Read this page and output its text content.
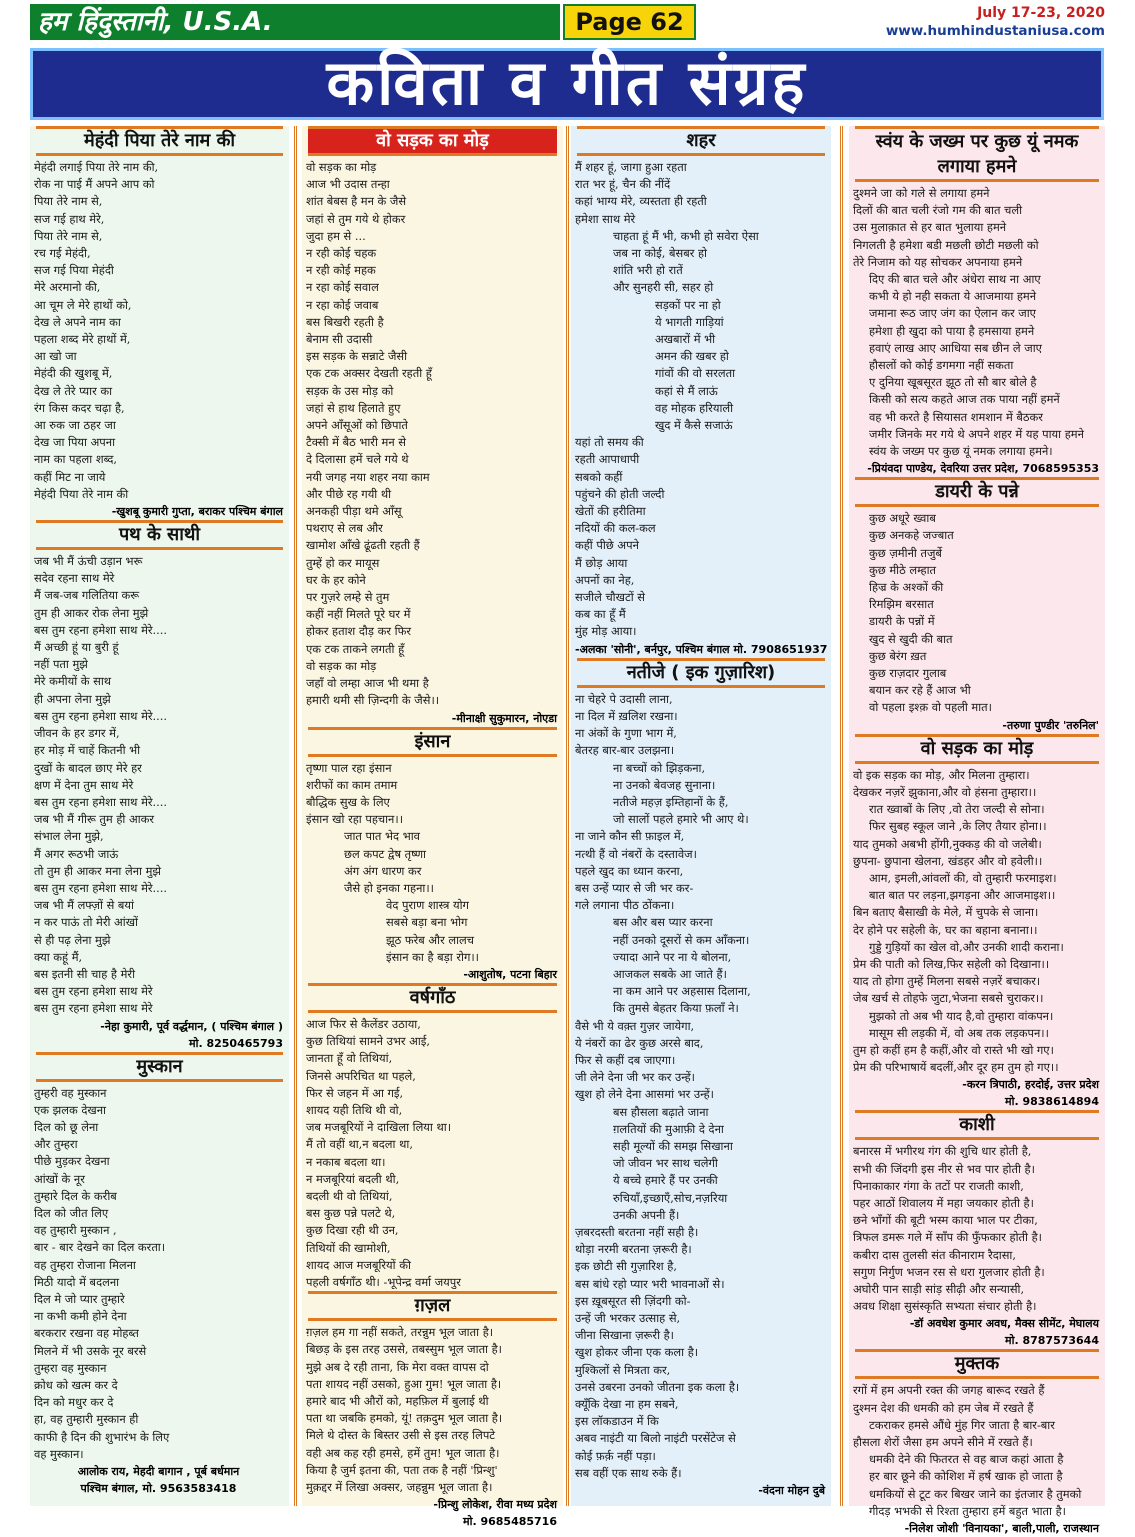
हम हिंदुस्तानी, U.S.A.	Page 62	July 17-23, 2020
www.humhindustaniusa.com
कविता व गीत संग्रह
मेहंदी पिया तेरे नाम की
मेहंदी लगाई पिया तेरे नाम की,
रोक ना पाई मैं अपने आप को
पिया तेरे नाम से,
सज गई हाथ मेरे,
पिया तेरे नाम से,
रच गई मेहंदी,
सज गई पिया मेहंदी
मेरे अरमानो की,
आ चूम ले मेरे हाथों को,
देख ले अपने नाम का
पहला शब्द मेरे हाथों में,
आ खो जा
मेहंदी की खुशबू में,
देख ले तेरे प्यार का
रंग किस कदर चढ़ा है,
आ रुक जा ठहर जा
देख जा पिया अपना
नाम का पहला शब्द,
कहीं मिट ना जाये
मेहंदी पिया तेरे नाम की
-खुशबू कुमारी गुप्ता, बराकर पश्चिम बंगाल
पथ के साथी
जब भी मैं ऊंची उड़ान भरू
सदेव रहना साथ मेरे
मैं जब-जब गलितिया करू
तुम ही आकर रोक लेना मुझे
बस तुम रहना हमेशा साथ मेरे....
मैं अच्छी हूं या बुरी हूं
नहीं पता मुझे
मेरे कमीयों के साथ
ही अपना लेना मुझे
बस तुम रहना हमेशा साथ मेरे....
जीवन के हर डगर में,
हर मोड़ में चाहें कितनी भी
दुखों के बादल छाए मेरे हर
क्षण में देना तुम साथ मेरे
बस तुम रहना हमेशा साथ मेरे....
जब भी मैं गीरू तुम ही आकर
संभाल लेना मुझे,
मैं अगर रूठभी जाऊं
तो तुम ही आकर मना लेना मुझे
बस तुम रहना हमेशा साथ मेरे....
जब भी मैं लफ्ज़ों से बयां
न कर पाऊं तो मेरी आंखों
से ही पढ़ लेना मुझे
क्या कहूं मैं,
बस इतनी सी चाह है मेरी
बस तुम रहना हमेशा साथ मेरे
बस तुम रहना हमेशा साथ मेरे
-नेहा कुमारी, पूर्व वर्द्धमान, ( पश्चिम बंगाल )
मो. 8250465793
मुस्कान
तुम्हरी वह मुस्कान
एक झलक देखना
दिल को छू लेना
और तुम्हरा
पीछे मुड़कर देखना
आंखों के नूर
तुम्हारे दिल के करीब
दिल को जीत लिए
वह तुम्हारी मुस्कान ,
बार - बार देखने का दिल करता।
वह तुम्हरा रोजाना मिलना
मिठी यादो में बदलना
दिल मे जो प्यार तुम्हारे
ना कभी कमी होने देना
बरकरार रखना वह मोहब्त
मिलने में भी उसके नूर बरसे
तुम्हरा वह मुस्कान
क्रोध को खत्म कर दे
दिन को मधुर कर दे
हा, वह तुम्हारी मुस्कान ही
काफी है दिन की शुभारंभ के लिए
वह मुस्कान।
आलोक राय, मेहदी बागान , पूर्ब बर्धमान
पश्चिम बंगाल, मो. 9563583418
वो सड़क का मोड़
वो सड़क का मोड़
आज भी उदास तन्हा
शांत बेबस है मन के जैसे
जहां से तुम गये थे होकर
जुदा हम से ...
न रही कोई चहक
न रही कोई महक
न रहा कोई सवाल
न रहा कोई जवाब
बस बिखरी रहती है
बेनाम सी उदासी
इस सड़क के सन्नाटे जैसी
एक टक अक्सर देखती रहती हूँ
सड़क के उस मोड़ को
जहां से हाथ हिलाते हुए
अपने आँसूओं को छिपाते
टैक्सी में बैठ भारी मन से
दे दिलासा हमें चले गये थे
नयी जगह नया शहर नया काम
और पीछे रह गयी थी
अनकही पीड़ा थमे आँसू
पथराए से लब और
खामोश आँखे ढूंढती रहती हैं
तुम्हें हो कर मायूस
घर के हर कोने
पर गुज़रे लम्हे से तुम
कहीं नहीं मिलते पूरे घर में
होकर हताश दौड़ कर फिर
एक टक ताकने लगती हूँ
वो सड़क का मोड़
जहाँ वो लम्हा आज भी थमा है
हमारी थमी सी ज़िन्दगी के जैसे।।
-मीनाक्षी सुकुमारन, नोएडा
इंसान
तृष्णा पाल रहा इंसान
शरीफों का काम तमाम
बौद्धिक सुख के लिए
इंसान खो रहा पहचान।।
जात पात भेद भाव
छल कपट द्वेष तृष्णा
अंग अंग धारण कर
जैसे हो इनका गहना।।
वेद पुराण शास्त्र योग
सबसे बड़ा बना भोग
झूठ फरेब और लालच
इंसान का है बड़ा रोग।।
-आशुतोष, पटना बिहार
वर्षगाँठ
आज फिर से कैलेंडर उठाया,
कुछ तिथियां सामने उभर आई,
जानता हूँ वो तिथियां,
जिनसे अपरिचित था पहले,
फिर से जहन में आ गई,
शायद यही तिथि थी वो,
जब मजबूरियों ने दाखिला लिया था।
मैं तो वहीं था,न बदला था,
न नकाब बदला था।
न मजबूरियां बदली थी,
बदली थी वो तिथियां,
बस कुछ पन्ने पलटे थे,
कुछ दिखा रही थी उन,
तिथियों की खामोशी,
शायद आज मजबूरियों की
पहली वर्षगाँठ थी। -भूपेन्द्र वर्मा जयपुर
ग़ज़ल
ग़ज़ल हम गा नहीं सकते, तरन्नुम भूल जाता है।
बिछड़ के इस तरह उससे, तबस्सुम भूल जाता है।
मुझे अब दे रही ताना, कि मेरा वक्त वापस दो
पता शायद नहीं उसको, हुआ गुम! भूल जाता है।
हमारे बाद भी औरों को, महफ़िल में बुलाई थी
पता था जबकि हमको, यूं! तक़दुम भूल जाता है।
मिले थे दोस्त के बिस्तर उसी से इस तरह लिपटे
वही अब कह रही हमसे, हमें तुम! भूल जाता है।
किया है जुर्म इतना की, पता तक है नहीं 'प्रिन्शु'
मुक़द्दर में लिखा अक्सर, जहन्नुम भूल जाता है।
-प्रिन्शु लोकेश, रीवा मध्य प्रदेश
मो. 9685485716
शहर
मैं शहर हूं, जागा हुआ रहता
रात भर हूं, चैन की नींदें
कहां भाग्य मेरे, व्यस्तता ही रहती
हमेशा साथ मेरे
चाहता हूं मैं भी, कभी हो सवेरा ऐसा
जब ना कोई, बेसबर हो
शांति भरी हो रातें
और सुनहरी सी, सहर हो
सड़कों पर ना हो
ये भागती गाड़ियां
अखबारों में भी
अमन की खबर हो
गांवों की वो सरलता
कहां से मैं लाऊं
वह मोहक हरियाली
खुद में कैसे सजाऊं
यहां तो समय की
रहती आपाधापी
सबको कहीं
पहुंचने की होती जल्दी
खेतों की हरीतिमा
नदियों की कल-कल
कहीं पीछे अपने
मैं छोड़ आया
अपनों का नेह,
सजीले चौखटों से
कब का हूँ मैं
मुंह मोड़ आया।
-अलका 'सोनी', बर्नपुर, पश्चिम बंगाल मो. 7908651937
नतीजे ( इक गुज़ारिश)
ना चेहरे पे उदासी लाना,
ना दिल में ख़लिश रखना।
ना अंकों के गुणा भाग में,
बेतरह बार-बार उलझना।
ना बच्चों को झिड़कना,
ना उनको बेवजह सुनाना।
नतीजे महज़ इम्तिहानों के हैं,
जो सालों पहले हमारे भी आए थे।
ना जाने कौन सी फ़ाइल में,
नत्थी हैं वो नंबरों के दस्तावेज।
पहले खुद का ध्यान करना,
बस उन्हें प्यार से जी भर कर-
गले लगाना पीठ ठोंकना।
बस और बस प्यार करना
नहीं उनको दूसरों से कम आँकना।
ज्यादा आने पर ना ये बोलना,
आजकल सबके आ जाते हैं।
ना कम आने पर अहसास दिलाना,
कि तुमसे बेहतर किया फ़लाँ ने।
वैसे भी ये वक़्त गुज़र जायेगा,
ये नंबरों का ढेर कुछ अरसे बाद,
फिर से कहीं दब जाएगा।
जी लेने देना जी भर कर उन्हें।
खुश हो लेने देना आसमां भर उन्हें।
बस हौसला बढ़ाते जाना
ग़लतियों की मुआफ़ी दे देना
सही मूल्यों की समझ सिखाना
जो जीवन भर साथ चलेगी
ये बच्चे हमारे हैं पर उनकी
रुचियाँ,इच्छाएँ,सोच,नज़रिया
उनकी अपनी हैं।
ज़बरदस्ती बरतना नहीं सही है।
थोड़ा नरमी बरतना ज़रूरी है।
इक छोटी सी गुज़ारिश है,
बस बांधे रहो प्यार भरी भावनाओं से।
इस ख़ूबसूरत सी ज़िंदगी को-
उन्हें जी भरकर उत्साह से,
जीना सिखाना ज़रूरी है।
खुश होकर जीना एक कला है।
मुश्किलों से मित्रता कर,
उनसे उबरना उनको जीतना इक कला है।
क्यूँकि देखा ना हम सबने,
इस लॉकडाउन में कि
अबव नाइंटी या बिलो नाइंटी परसेंटेज से
कोई फ़र्क़ नहीं पड़ा।
सब वहीं एक साथ रुके हैं।
-वंदना मोहन दुबे
स्वंय के जख्म पर कुछ यूं नमक लगाया हमने
दुश्मने जा को गले से लगाया हमने
दिलों की बात चली रंजो गम की बात चली
उस मुलाक़ात से हर बात भुलाया हमने
निगलती है हमेशा बडी मछली छोटी मछली को
तेरे निजाम को यह सोचकर अपनाया हमने
दिए की बात चले और अंधेरा साथ ना आए
कभी ये हो नही सकता ये आजमाया हमने
जमाना रूठ जाए जंग का ऐलान कर जाए
हमेशा ही खुदा को पाया है हमसाया हमने
हवाएं लाख आए आधिया सब छीन ले जाए
हौसलों को कोई डगमगा नहीं सकता
ए दुनिया खूबसूरत झूठ तो सौ बार बोले है
किसी को सत्य कहते आज तक पाया नहीं हमनें
वह भी करते है सियासत शमशान में बैठकर
जमीर जिनके मर गये थे अपने शहर में यह पाया हमने
स्वंय के जख्म पर कुछ यूं नमक लगाया हमने।
-प्रियंवदा पाण्डेय, देवरिया उत्तर प्रदेश, 7068595353
डायरी के पन्ने
कुछ अधूरे ख्वाब
कुछ अनकहे जज्बात
कुछ ज़मीनी तजुर्बे
कुछ मीठे लम्हात
हिज्र के अश्कों की
रिमझिम बरसात
डायरी के पन्नों में
खुद से खुदी की बात
कुछ बेरंग ख़त
कुछ राज़दार गुलाब
बयान कर रहे हैं आज भी
वो पहला इश्क़ वो पहली मात।
-तरुणा पुण्डीर 'तरुनिल'
वो सड़क का मोड़
वो इक सड़क का मोड़, और मिलना तुम्हारा।
देखकर नज़रें झुकाना,और वो हंसना तुम्हारा।।
रात ख्वाबों के लिए ,वो तेरा जल्दी से सोना।
फिर सुबह स्कूल जाने ,के लिए तैयार होना।।
याद तुमको अबभी होंगी,नुक्कड़ की वो जलेबी।
छुपना- छुपाना खेलना, खंडहर और वो हवेली।।
आम, इमली,आंवलों की, वो तुम्हारी फरमाइश।
बात बात पर लड़ना,झगड़ना और आजमाइश।।
बिन बताए बैसाखी के मेले, में चुपके से जाना।
देर होने पर सहेली के, घर का बहाना बनाना।।
गुड्डे गुड़ियों का खेल वो,और उनकी शादी कराना।
प्रेम की पाती को लिख,फिर सहेली को दिखाना।।
याद तो होगा तुम्हें मिलना सबसे नज़रें बचाकर।
जेब खर्च से तोहफे जुटा,भेजना सबसे चुराकर।।
मुझको तो अब भी याद है,वो तुम्हारा वांकपन।
मासूम सी लड़की में, वो अब तक लड़कपन।।
तुम हो कहीं हम है कहीं,और वो रास्ते भी खो गए।
प्रेम की परिभाषायें बदलीं,और दूर हम तुम हो गए।।
-करन त्रिपाठी, हरदोई, उत्तर प्रदेश
मो. 9838614894
काशी
बनारस में भगीरथ गंग की शुचि धार होती है,
सभी की जिंदगी इस नीर से भव पार होती है।
पिनाकाकार गंगा के तटों पर राजती काशी,
पहर आठों शिवालय में महा जयकार होती है।
छने भाँगों की बूटी भस्म काया भाल पर टीका,
त्रिफल डमरू गले में साँप की फुँफकार होती है।
कबीरा दास तुलसी संत कीनाराम रैदासा,
सगुण निर्गुण भजन रस से धरा गुलजार होती है।
अघोरी पान साड़ी सांड़ सीढ़ी और सन्यासी,
अवध शिक्षा सुसंस्कृति सभ्यता संचार होती है।
-डॉ अवधेश कुमार अवध, मैक्स सीमेंट, मेघालय
मो. 8787573644
मुक्तक
रगों में हम अपनी रक्त की जगह बारूद रखते हैं
दुश्मन देश की धमकी को हम जेब में रखते हैं
टकराकर हमसे औंधे मुंह गिर जाता है बार-बार
हौसला शेरों जैसा हम अपने सीने में रखते हैं।
धमकी देने की फितरत से वह बाज कहां आता है
हर बार छूने की कोशिश में हर्ष खाक हो जाता है
धमकियों से टूट कर बिखर जाने का इंतजार है तुमको
गीदड़ भभकी से रिश्ता तुम्हारा हमें बहुत भाता है।
-निलेश जोशी 'विनायका', बाली,पाली, राजस्थान
